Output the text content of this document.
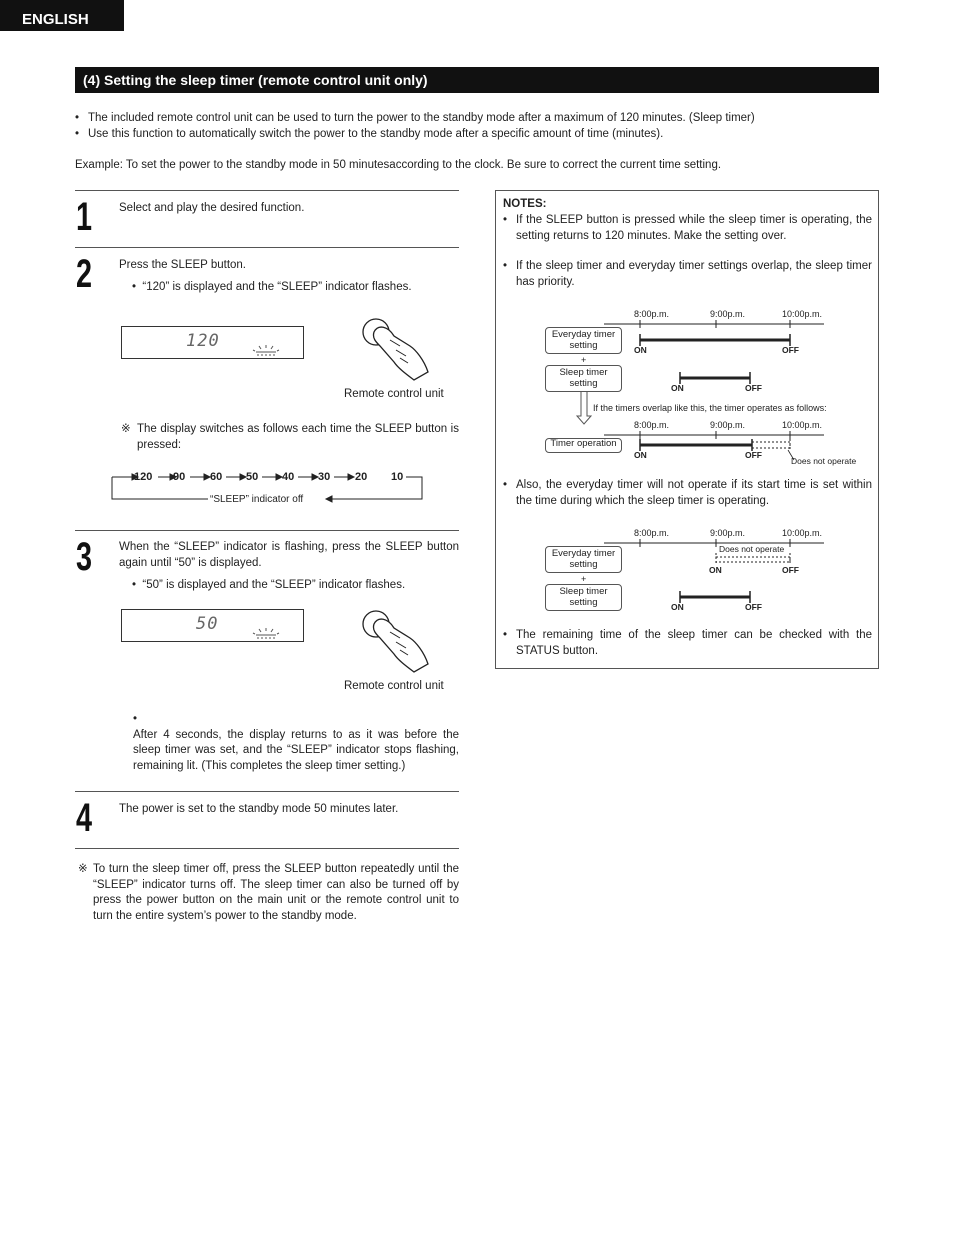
ENGLISH
(4) Setting the sleep timer (remote control unit only)
• The included remote control unit can be used to turn the power to the standby mode after a maximum of 120 minutes. (Sleep timer)
• Use this function to automatically switch the power to the standby mode after a specific amount of time (minutes).
Example: To set the power to the standby mode in 50 minutesaccording to the clock. Be sure to correct the current time setting.
1 Select and play the desired function.
2 Press the SLEEP button.
•  “120” is displayed and the “SLEEP” indicator flashes.
120
Remote control unit
※ The display switches as follows each time the SLEEP button is pressed:
120 90 60 50 40 30 20 10
“SLEEP” indicator off
3 When the “SLEEP” indicator is flashing, press the SLEEP button again until “50” is displayed.
•  “50” is displayed and the “SLEEP” indicator flashes.
50
Remote control unit
•
After 4 seconds, the display returns to as it was before the sleep timer was set, and the “SLEEP” indicator stops flashing, remaining lit. (This completes the sleep timer setting.)
4 The power is set to the standby mode 50 minutes later.
※ To turn the sleep timer off, press the SLEEP button repeatedly until the “SLEEP” indicator turns off. The sleep timer can also be turned off by press the power button on the main unit or the remote control unit to turn the entire system’s power to the standby mode.
NOTES:
• If the SLEEP button is pressed while the sleep timer is operating, the setting returns to 120 minutes. Make the setting over.
• If the sleep timer and everyday timer settings overlap, the sleep timer has priority.
8:00p.m.	9:00p.m.	10:00p.m.
Everyday timer setting
+
Sleep timer setting
ON	OFF
ON	OFF
If the timers overlap like this, the timer operates as follows:
8:00p.m.	9:00p.m.	10:00p.m.
Timer operation
ON	OFF
Does not operate
• Also, the everyday timer will not operate if its start time is set within the time during which the sleep timer is operating.
8:00p.m.	9:00p.m.	10:00p.m.
Does not operate
Everyday timer setting
+
Sleep timer setting
ON	OFF
ON	OFF
• The remaining time of the sleep timer can be checked with the STATUS button.
